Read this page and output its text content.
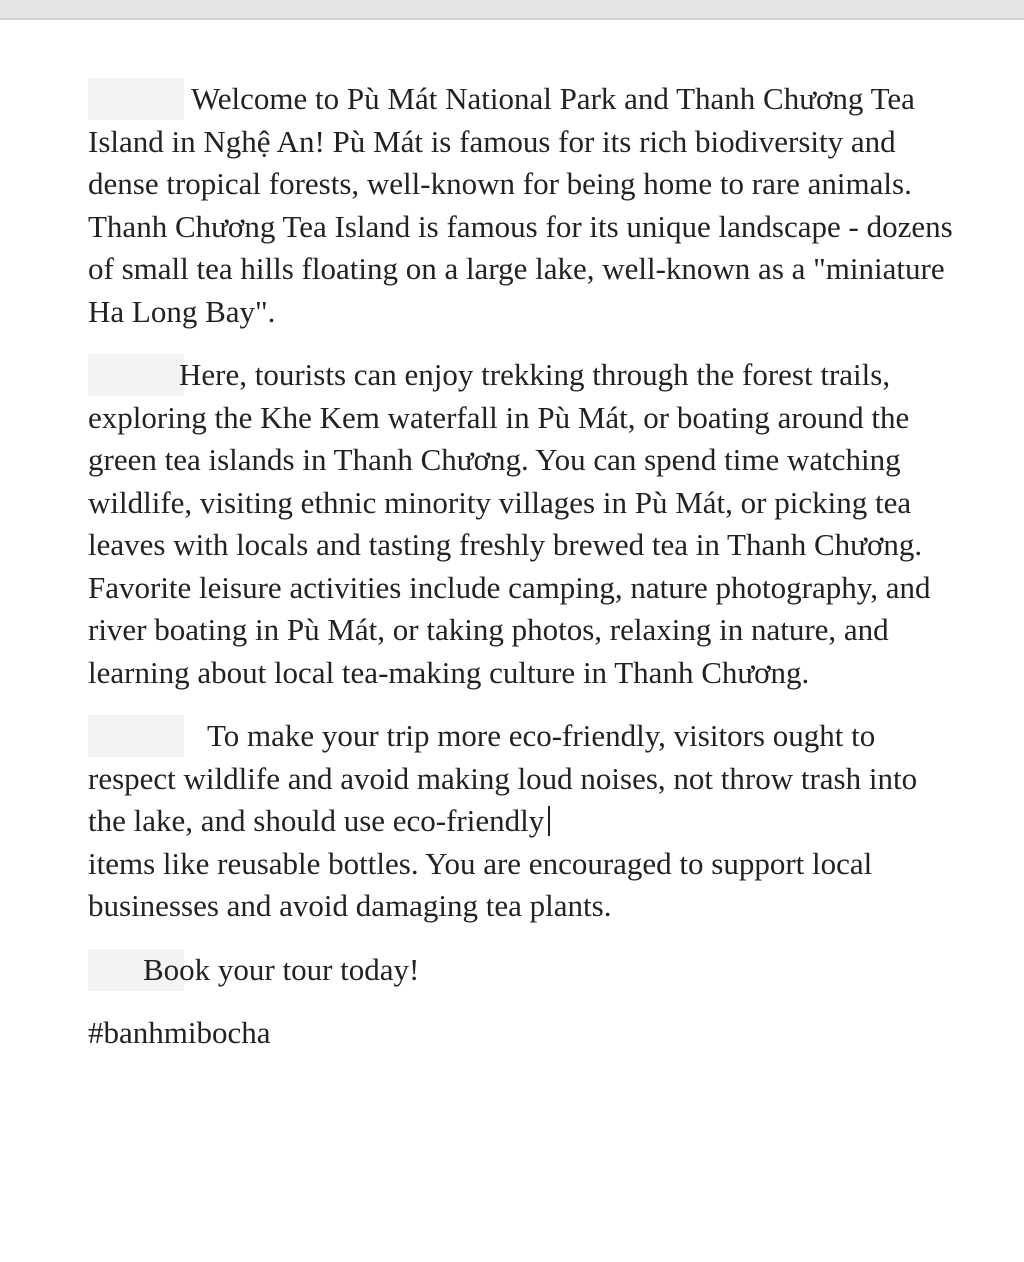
Welcome to Pù Mát National Park and Thanh Chương Tea Island in Nghệ An! Pù Mát is famous for its rich biodiversity and dense tropical forests, well-known for being home to rare animals. Thanh Chương Tea Island is famous for its unique landscape - dozens of small tea hills floating on a large lake, well-known as a "miniature Ha Long Bay".

Here, tourists can enjoy trekking through the forest trails, exploring the Khe Kem waterfall in Pù Mát, or boating around the green tea islands in Thanh Chương. You can spend time watching wildlife, visiting ethnic minority villages in Pù Mát, or picking tea leaves with locals and tasting freshly brewed tea in Thanh Chương. Favorite leisure activities include camping, nature photography, and river boating in Pù Mát, or taking photos, relaxing in nature, and learning about local tea-making culture in Thanh Chương.

To make your trip more eco-friendly, visitors ought to respect wildlife and avoid making loud noises, not throw trash into the lake, and should use eco-friendly
items like reusable bottles. You are encouraged to support local businesses and avoid damaging tea plants.

Book your tour today!

#banhmibocha
